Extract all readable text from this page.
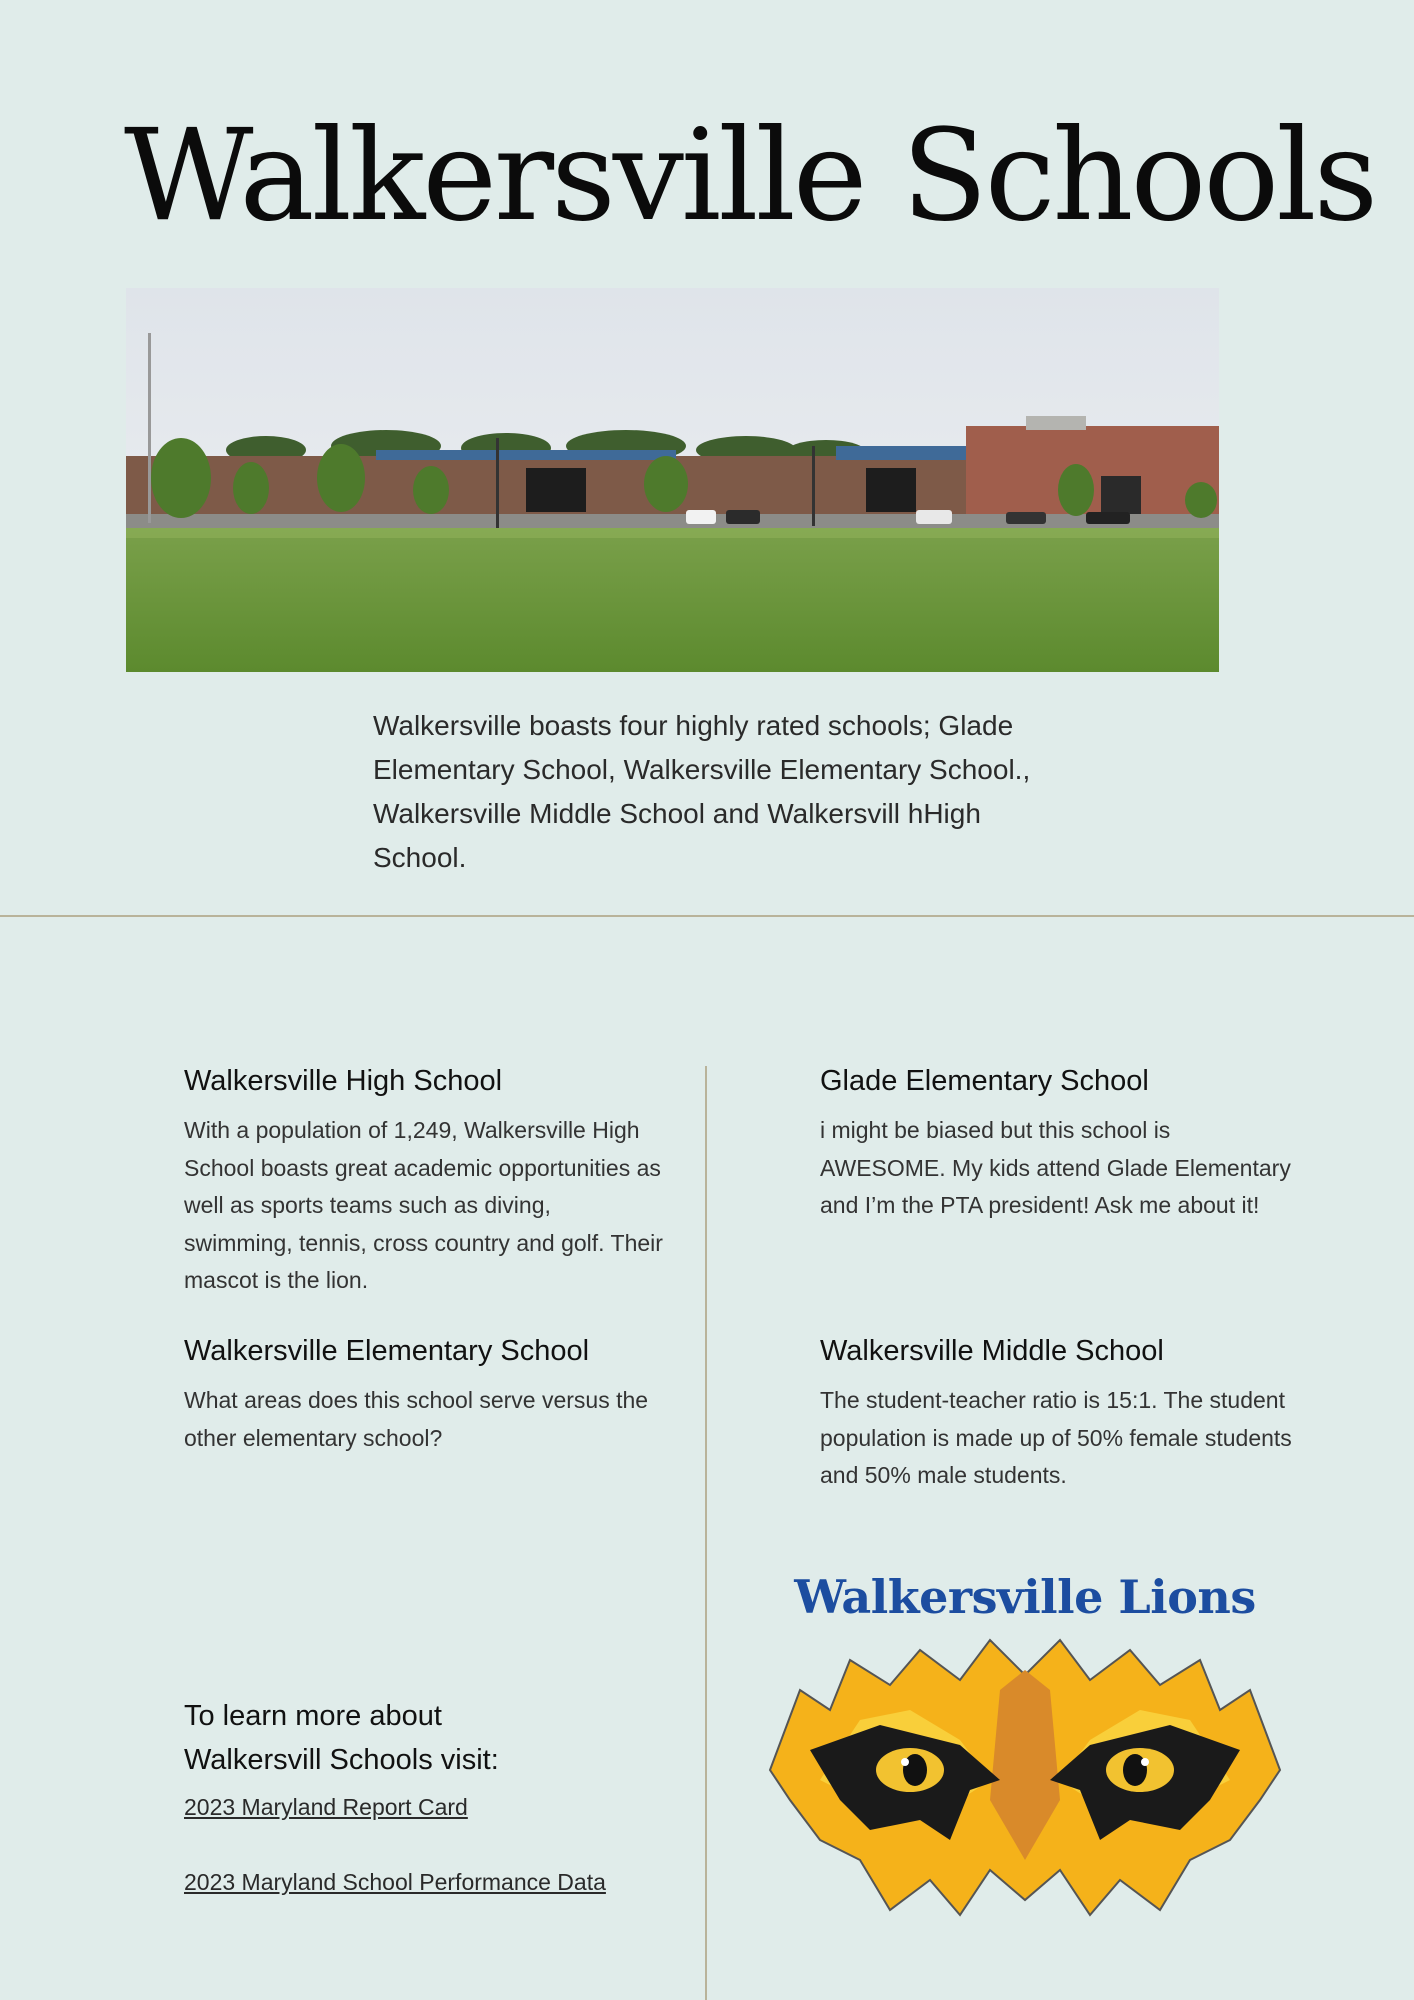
Walkersville Schools

Walkersville boasts four highly rated schools; Glade Elementary School, Walkersville Elementary School., Walkersville Middle School and Walkersvill hHigh School.

Walkersville High School

With a population of 1,249, Walkersville High School boasts great academic opportunities as well as sports teams such as diving, swimming, tennis, cross country and golf. Their mascot is the lion.

Glade Elementary School

i might be biased but this school is AWESOME. My kids attend Glade Elementary and I’m the PTA president! Ask me about it!

Walkersville Elementary School

What areas does this school serve versus the other elementary school?

Walkersville Middle School

The student-teacher ratio is 15:1. The student population is made up of 50% female students and 50% male students.

To learn more about
Walkersvill Schools visit:
2023 Maryland Report Card
2023 Maryland School Performance Data
Walkersville Lions
